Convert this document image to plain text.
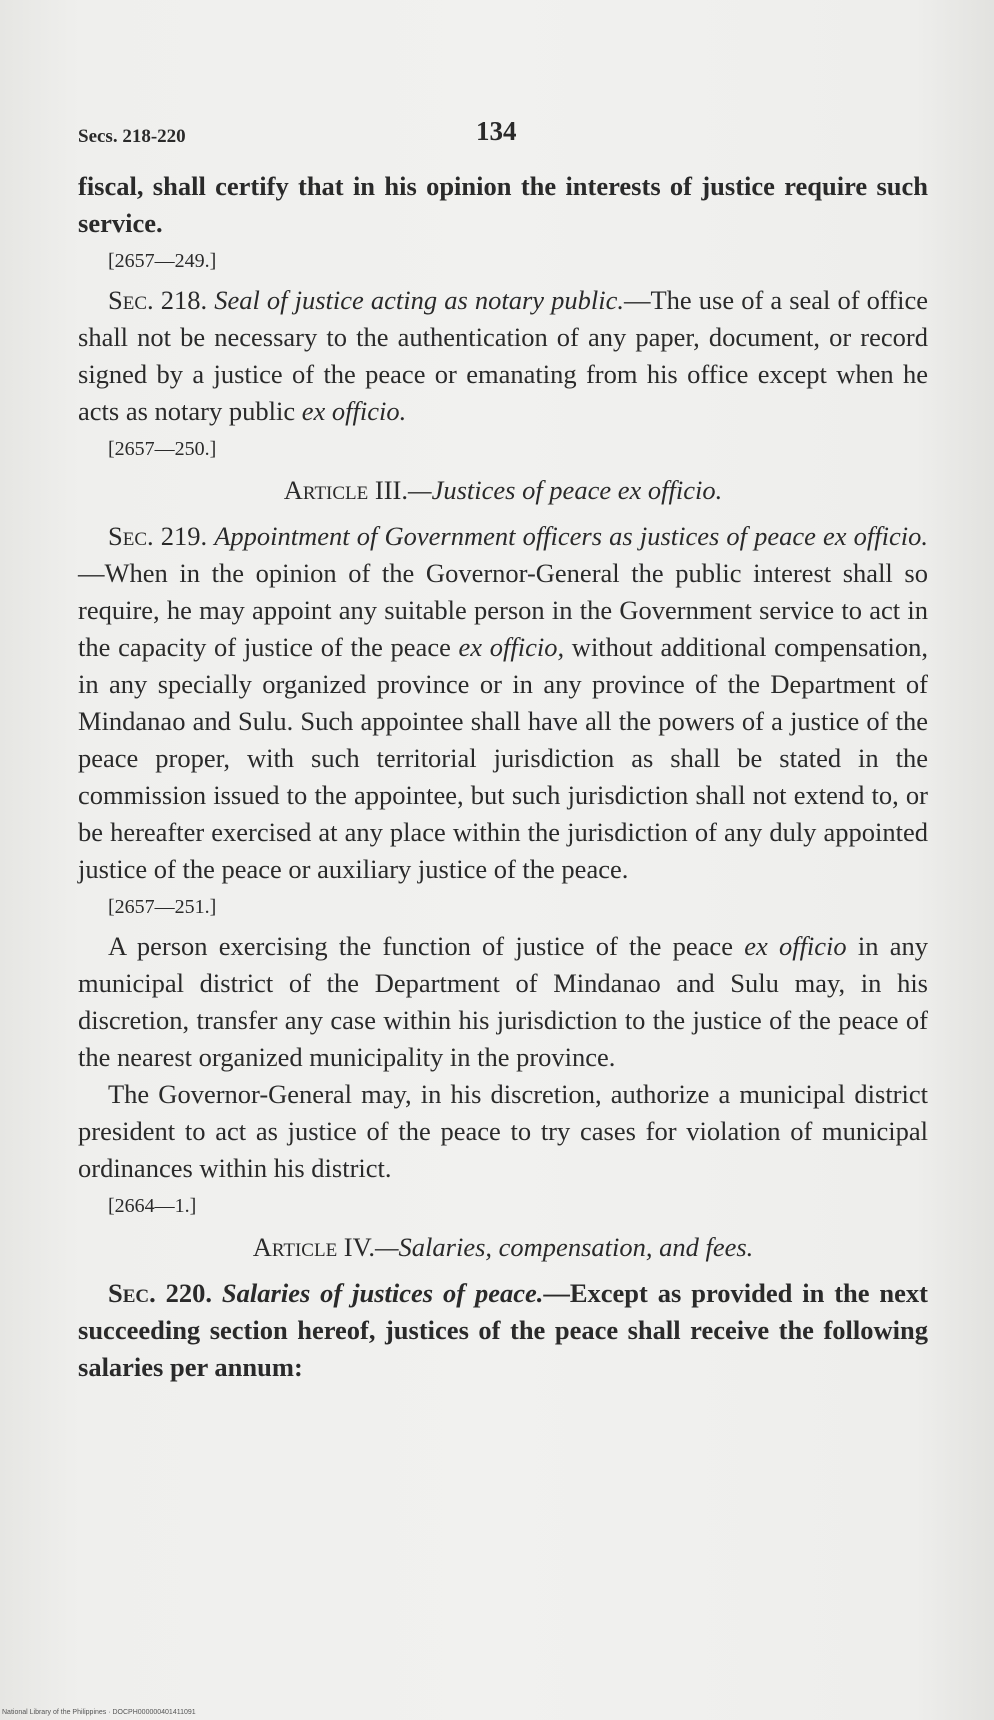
Secs. 218-220	134

fiscal, shall certify that in his opinion the interests of justice require such service.

[2657—249.]

Sec. 218. Seal of justice acting as notary public.—The use of a seal of office shall not be necessary to the authentication of any paper, document, or record signed by a justice of the peace or emanating from his office except when he acts as notary public ex officio.

[2657—250.]
Article III.—Justices of peace ex officio.

Sec. 219. Appointment of Government officers as justices of peace ex officio.—When in the opinion of the Governor-General the public interest shall so require, he may appoint any suitable person in the Government service to act in the capacity of justice of the peace ex officio, without additional compensation, in any specially organized province or in any province of the Department of Mindanao and Sulu. Such appointee shall have all the powers of a justice of the peace proper, with such territorial jurisdiction as shall be stated in the commission issued to the appointee, but such jurisdiction shall not extend to, or be hereafter exercised at any place within the jurisdiction of any duly appointed justice of the peace or auxiliary justice of the peace.

[2657—251.]

A person exercising the function of justice of the peace ex officio in any municipal district of the Department of Mindanao and Sulu may, in his discretion, transfer any case within his jurisdiction to the justice of the peace of the nearest organized municipality in the province.

The Governor-General may, in his discretion, authorize a municipal district president to act as justice of the peace to try cases for violation of municipal ordinances within his district.

[2664—1.]
Article IV.—Salaries, compensation, and fees.

Sec. 220. Salaries of justices of peace.—Except as provided in the next succeeding section hereof, justices of the peace shall receive the following salaries per annum:

National Library of the Philippines · DOCPH000000401411091
